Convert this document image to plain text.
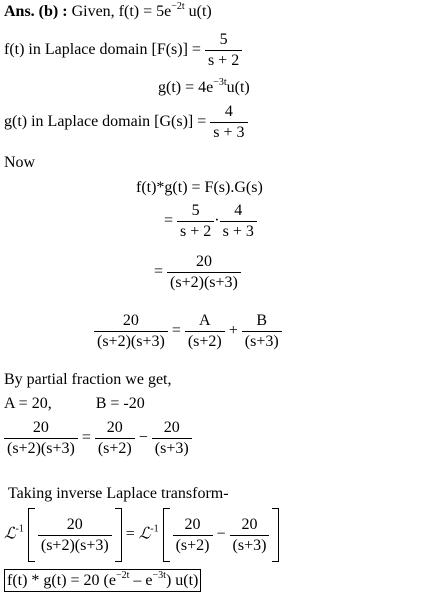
Ans. (b) : Given, $f(t) = 5e^{-2t}$ u(t)
f(t) in Laplace domain $[F(s)] = \frac{5}{s + 2}$
$g(t) = 4e^{-3t}u(t)$
g(t) in Laplace domain $[G(s)] = \frac{4}{s + 3}$
Now
f(t)*g(t) = F(s).G(s)
= $\frac{5}{s + 2} \cdot \frac{4}{s + 3}$
= $\frac{20}{(s+2)(s+3)}$
$\frac{20}{(s+2)(s+3)} = \frac{A}{(s+2)} + \frac{B}{(s+3)}$
By partial fraction we get,
A = 20,	B = -20
$\frac{20}{(s+2)(s+3)} = \frac{20}{(s+2)} - \frac{20}{(s+3)}$
Taking inverse Laplace transform-
ℒ$^{-1}$ $\frac{20}{(s+2)(s+3)}$ = ℒ$^{-1}$ $\frac{20}{(s+2)} - \frac{20}{(s+3)}$
f(t) * g(t) = 20 $(e^{-2t} - e^{-3t})$ u(t)
